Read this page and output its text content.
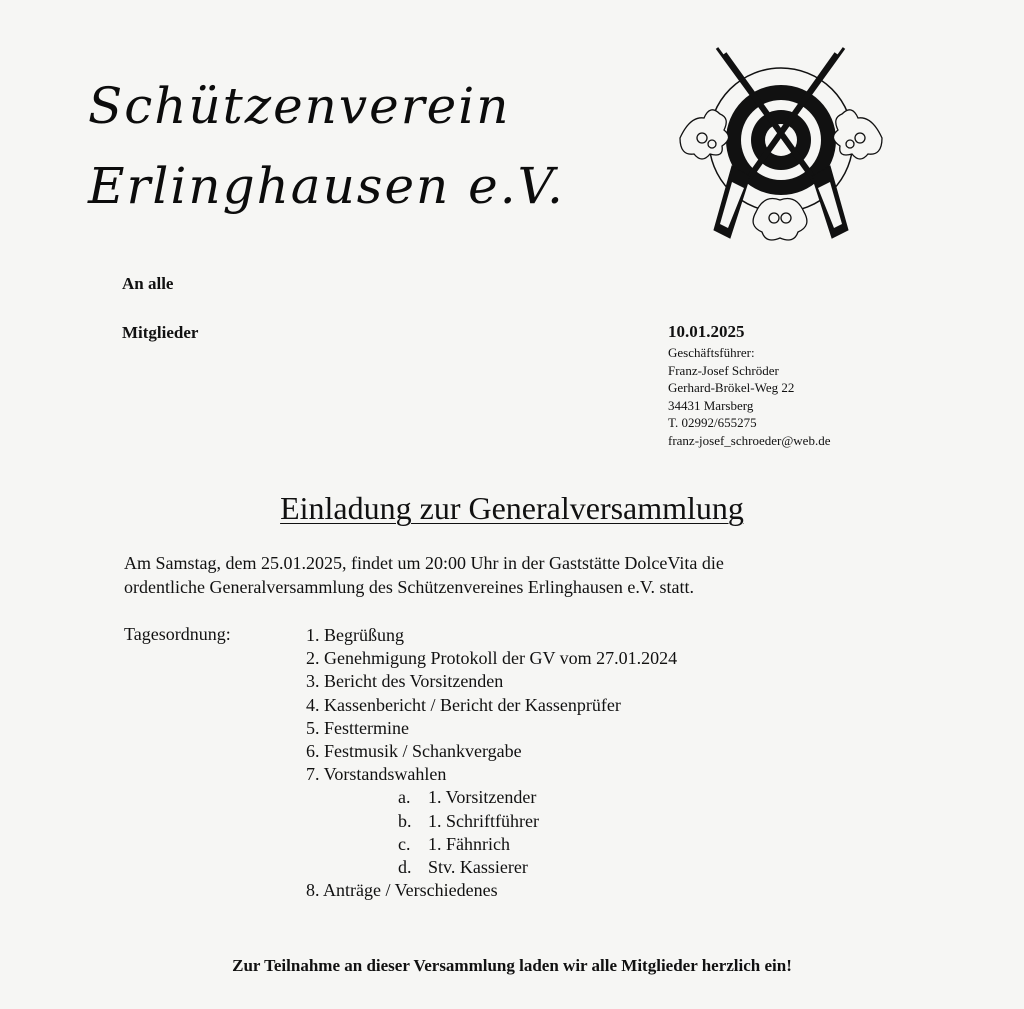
Schützenverein
Erlinghausen e.V.
An alle
Mitglieder	10.01.2025
Geschäftsführer:
Franz-Josef Schröder
Gerhard-Brökel-Weg 22
34431 Marsberg
T. 02992/655275
franz-josef_schroeder@web.de
Einladung zur Generalversammlung
Am Samstag, dem 25.01.2025, findet um 20:00 Uhr in der Gaststätte DolceVita die
ordentliche Generalversammlung des Schützenvereines Erlinghausen e.V. statt.
Tagesordnung:	1. Begrüßung
2. Genehmigung Protokoll der GV vom 27.01.2024
3. Bericht des Vorsitzenden
4. Kassenbericht / Bericht der Kassenprüfer
5. Festtermine
6. Festmusik / Schankvergabe
7. Vorstandswahlen
a. 1. Vorsitzender
b. 1. Schriftführer
c. 1. Fähnrich
d. Stv. Kassierer
8. Anträge / Verschiedenes
Zur Teilnahme an dieser Versammlung laden wir alle Mitglieder herzlich ein!
